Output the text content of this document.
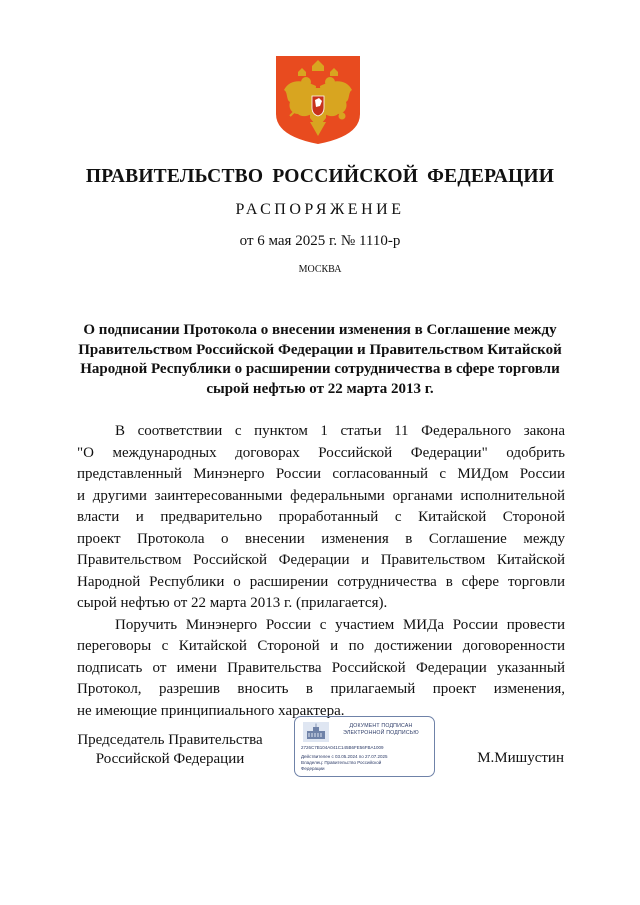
ПРАВИТЕЛЬСТВО РОССИЙСКОЙ ФЕДЕРАЦИИ
РАСПОРЯЖЕНИЕ
от 6 мая 2025 г. № 1110-р
МОСКВА
О подписании Протокола о внесении изменения в Соглашение между
Правительством Российской Федерации и Правительством Китайской
Народной Республики о расширении сотрудничества в сфере торговли
сырой нефтью от 22 марта 2013 г.
В соответствии с пунктом 1 статьи 11 Федерального закона
"О международных договорах Российской Федерации" одобрить
представленный Минэнерго России согласованный с МИДом России
и другими заинтересованными федеральными органами исполнительной
власти и предварительно проработанный с Китайской Стороной
проект Протокола о внесении изменения в Соглашение между
Правительством Российской Федерации и Правительством Китайской
Народной Республики о расширении сотрудничества в сфере торговли
сырой нефтью от 22 марта 2013 г. (прилагается).
Поручить Минэнерго России с участием МИДа России провести
переговоры с Китайской Стороной и по достижении договоренности
подписать от имени Правительства Российской Федерации указанный
Протокол, разрешив вносить в прилагаемый проект изменения,
не имеющие принципиального характера.
Председатель Правительства
Российской Федерации
ДОКУМЕНТ ПОДПИСАН
ЭЛЕКТРОННОЙ ПОДПИСЬЮ
2726C7B104A041C145B6FE56FBA1009
Действителен с 03.05.2024 по 27.07.2025
Владелец: Правительство Российской
Федерации
М.Мишустин
